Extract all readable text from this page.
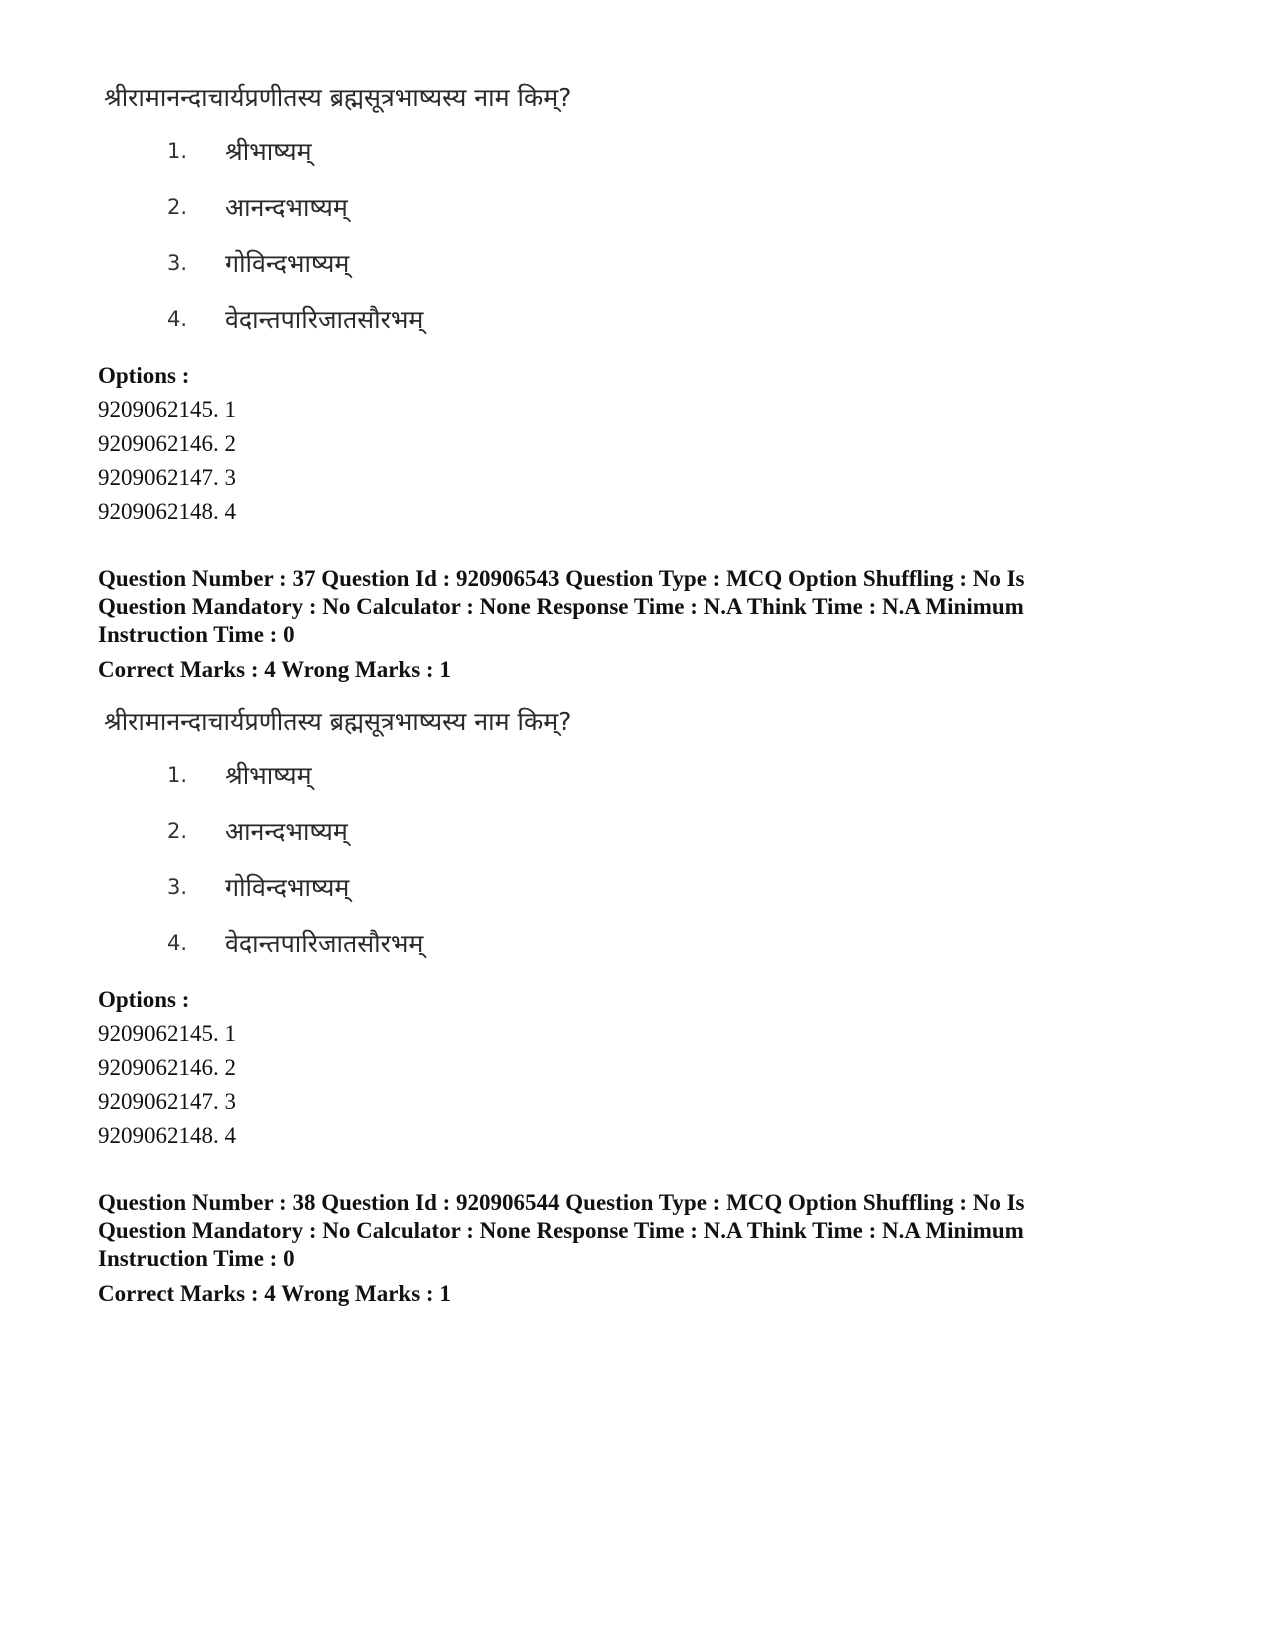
श्रीरामानन्दाचार्यप्रणीतस्य ब्रह्मसूत्रभाष्यस्य नाम किम्?
1.	श्रीभाष्यम्
2.	आनन्दभाष्यम्
3.	गोविन्दभाष्यम्
4.	वेदान्तपारिजातसौरभम्
Options :
9209062145. 1
9209062146. 2
9209062147. 3
9209062148. 4
Question Number : 37 Question Id : 920906543 Question Type : MCQ Option Shuffling : No Is
Question Mandatory : No Calculator : None Response Time : N.A Think Time : N.A Minimum
Instruction Time : 0
Correct Marks : 4 Wrong Marks : 1
श्रीरामानन्दाचार्यप्रणीतस्य ब्रह्मसूत्रभाष्यस्य नाम किम्?
1.	श्रीभाष्यम्
2.	आनन्दभाष्यम्
3.	गोविन्दभाष्यम्
4.	वेदान्तपारिजातसौरभम्
Options :
9209062145. 1
9209062146. 2
9209062147. 3
9209062148. 4
Question Number : 38 Question Id : 920906544 Question Type : MCQ Option Shuffling : No Is
Question Mandatory : No Calculator : None Response Time : N.A Think Time : N.A Minimum
Instruction Time : 0
Correct Marks : 4 Wrong Marks : 1
